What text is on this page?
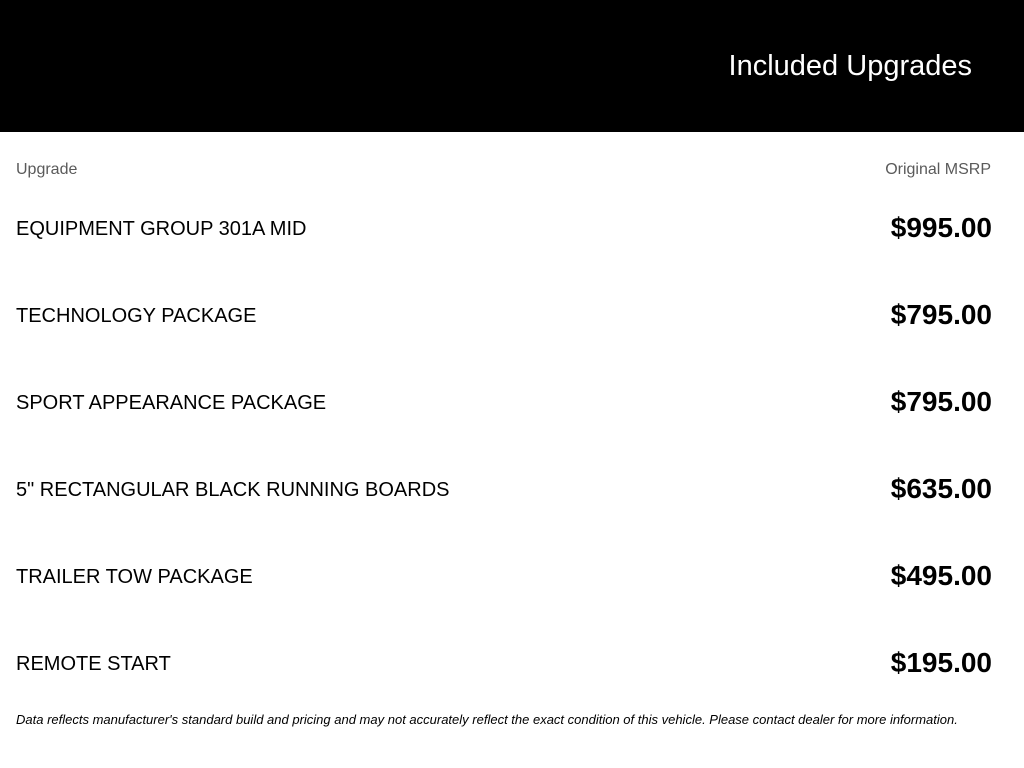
Included Upgrades
Upgrade	Original MSRP
EQUIPMENT GROUP 301A MID	$995.00
TECHNOLOGY PACKAGE	$795.00
SPORT APPEARANCE PACKAGE	$795.00
5" RECTANGULAR BLACK RUNNING BOARDS	$635.00
TRAILER TOW PACKAGE	$495.00
REMOTE START	$195.00
Data reflects manufacturer's standard build and pricing and may not accurately reflect the exact condition of this vehicle. Please contact dealer for more information.
